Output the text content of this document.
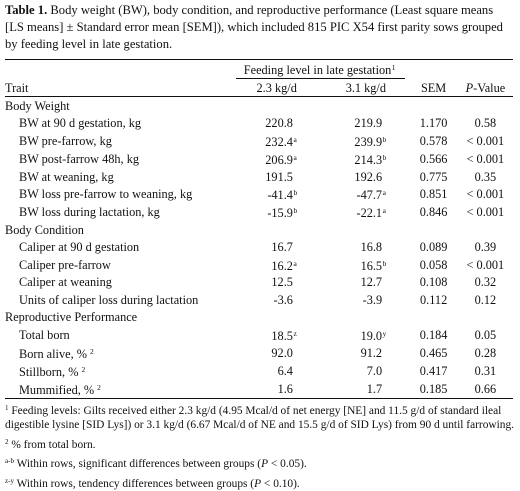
Table 1. Body weight (BW), body condition, and reproductive performance (Least square means [LS means] ± Standard error mean [SEM]), which included 815 PIC X54 first parity sows grouped by feeding level in late gestation.

	Feeding level in late gestation1			
Trait	2.3 kg/d	3.1 kg/d	SEM	P-Value
Body Weight				
BW at 90 d gestation, kg	220.8	219.9	1.170	0.58
BW pre-farrow, kg	232.4a	239.9b	0.578	< 0.001
BW post-farrow 48h, kg	206.9a	214.3b	0.566	< 0.001
BW at weaning, kg	191.5	192.6	0.775	0.35
BW loss pre-farrow to weaning, kg	-41.4b	-47.7a	0.851	< 0.001
BW loss during lactation, kg	-15.9b	-22.1a	0.846	< 0.001
Body Condition				
Caliper at 90 d gestation	16.7	16.8	0.089	0.39
Caliper pre-farrow	16.2a	16.5b	0.058	< 0.001
Caliper at weaning	12.5	12.7	0.108	0.32
Units of caliper loss during lactation	-3.6	-3.9	0.112	0.12
Reproductive Performance				
Total born	18.5z	19.0y	0.184	0.05
Born alive, % 2	92.0	91.2	0.465	0.28
Stillborn, % 2	6.4	7.0	0.417	0.31
Mummified, % 2	1.6	1.7	0.185	0.66

$^1$ Feeding levels: Gilts received either 2.3 kg/d (4.95 Mcal/d of net energy [NE] and 11.5 g/d of standard ileal digestible lysine [SID Lys]) or 3.1 kg/d (6.67 Mcal/d of NE and 15.5 g/d of SID Lys) from 90 d until farrowing.

$^2$ % from total born.

$^{a-b}$ Within rows, significant differences between groups (P < 0.05).

$^{z-y}$ Within rows, tendency differences between groups (P < 0.10).
